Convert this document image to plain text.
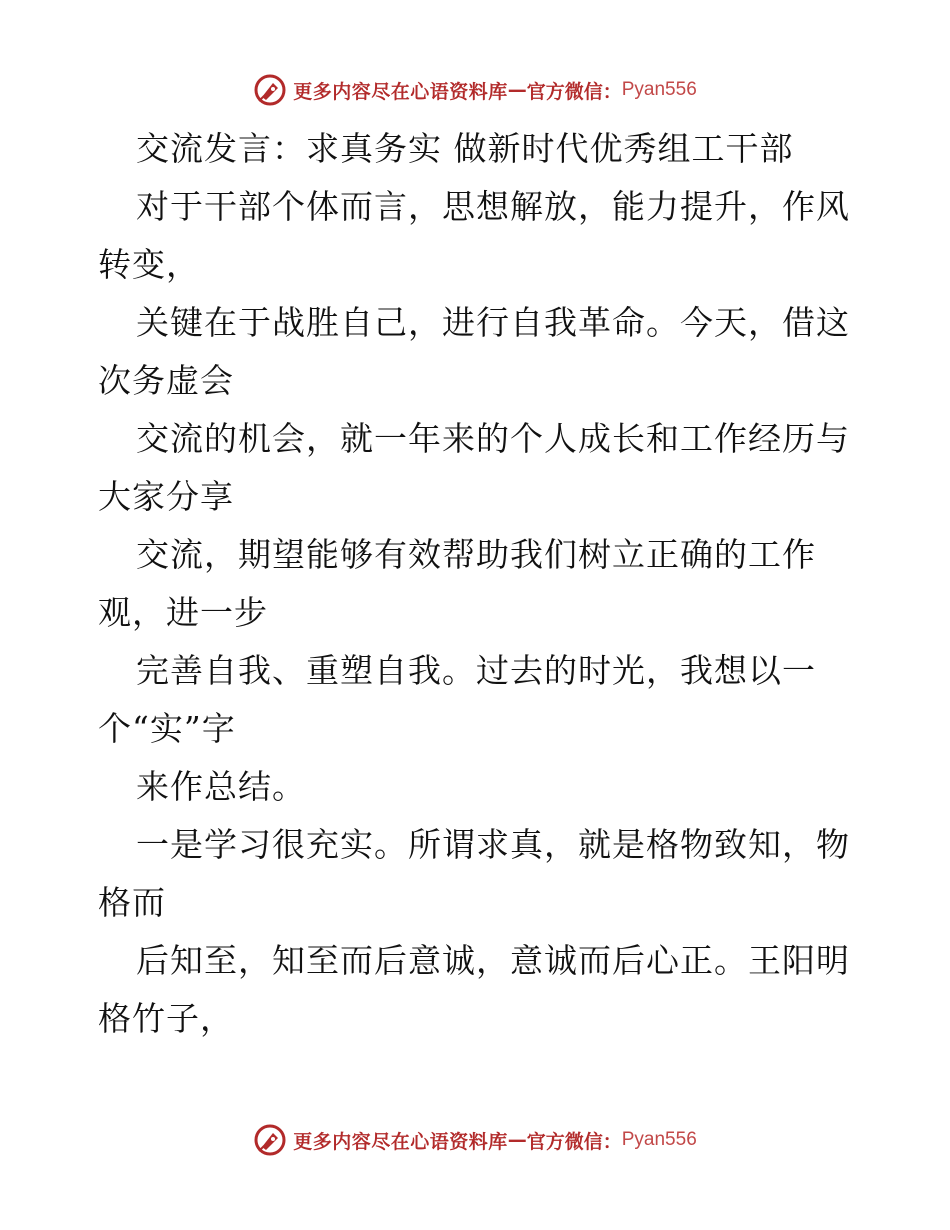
更多内容尽在心语资料库 — 官方微信： Pyan556
交流发言：求真务实 做新时代优秀组工干部
对于干部个体而言，思想解放，能力提升，作风
转变，
关键在于战胜自己，进行自我革命。今天，借这
次务虚会
交流的机会，就一年来的个人成长和工作经历与
大家分享
交流，期望能够有效帮助我们树立正确的工作
观，进一步
完善自我、重塑自我。过去的时光，我想以一
个“实”字
来作总结。
一是学习很充实。所谓求真，就是格物致知，物
格而
后知至，知至而后意诚，意诚而后心正。王阳明
格竹子，
更多内容尽在心语资料库 — 官方微信： Pyan556
